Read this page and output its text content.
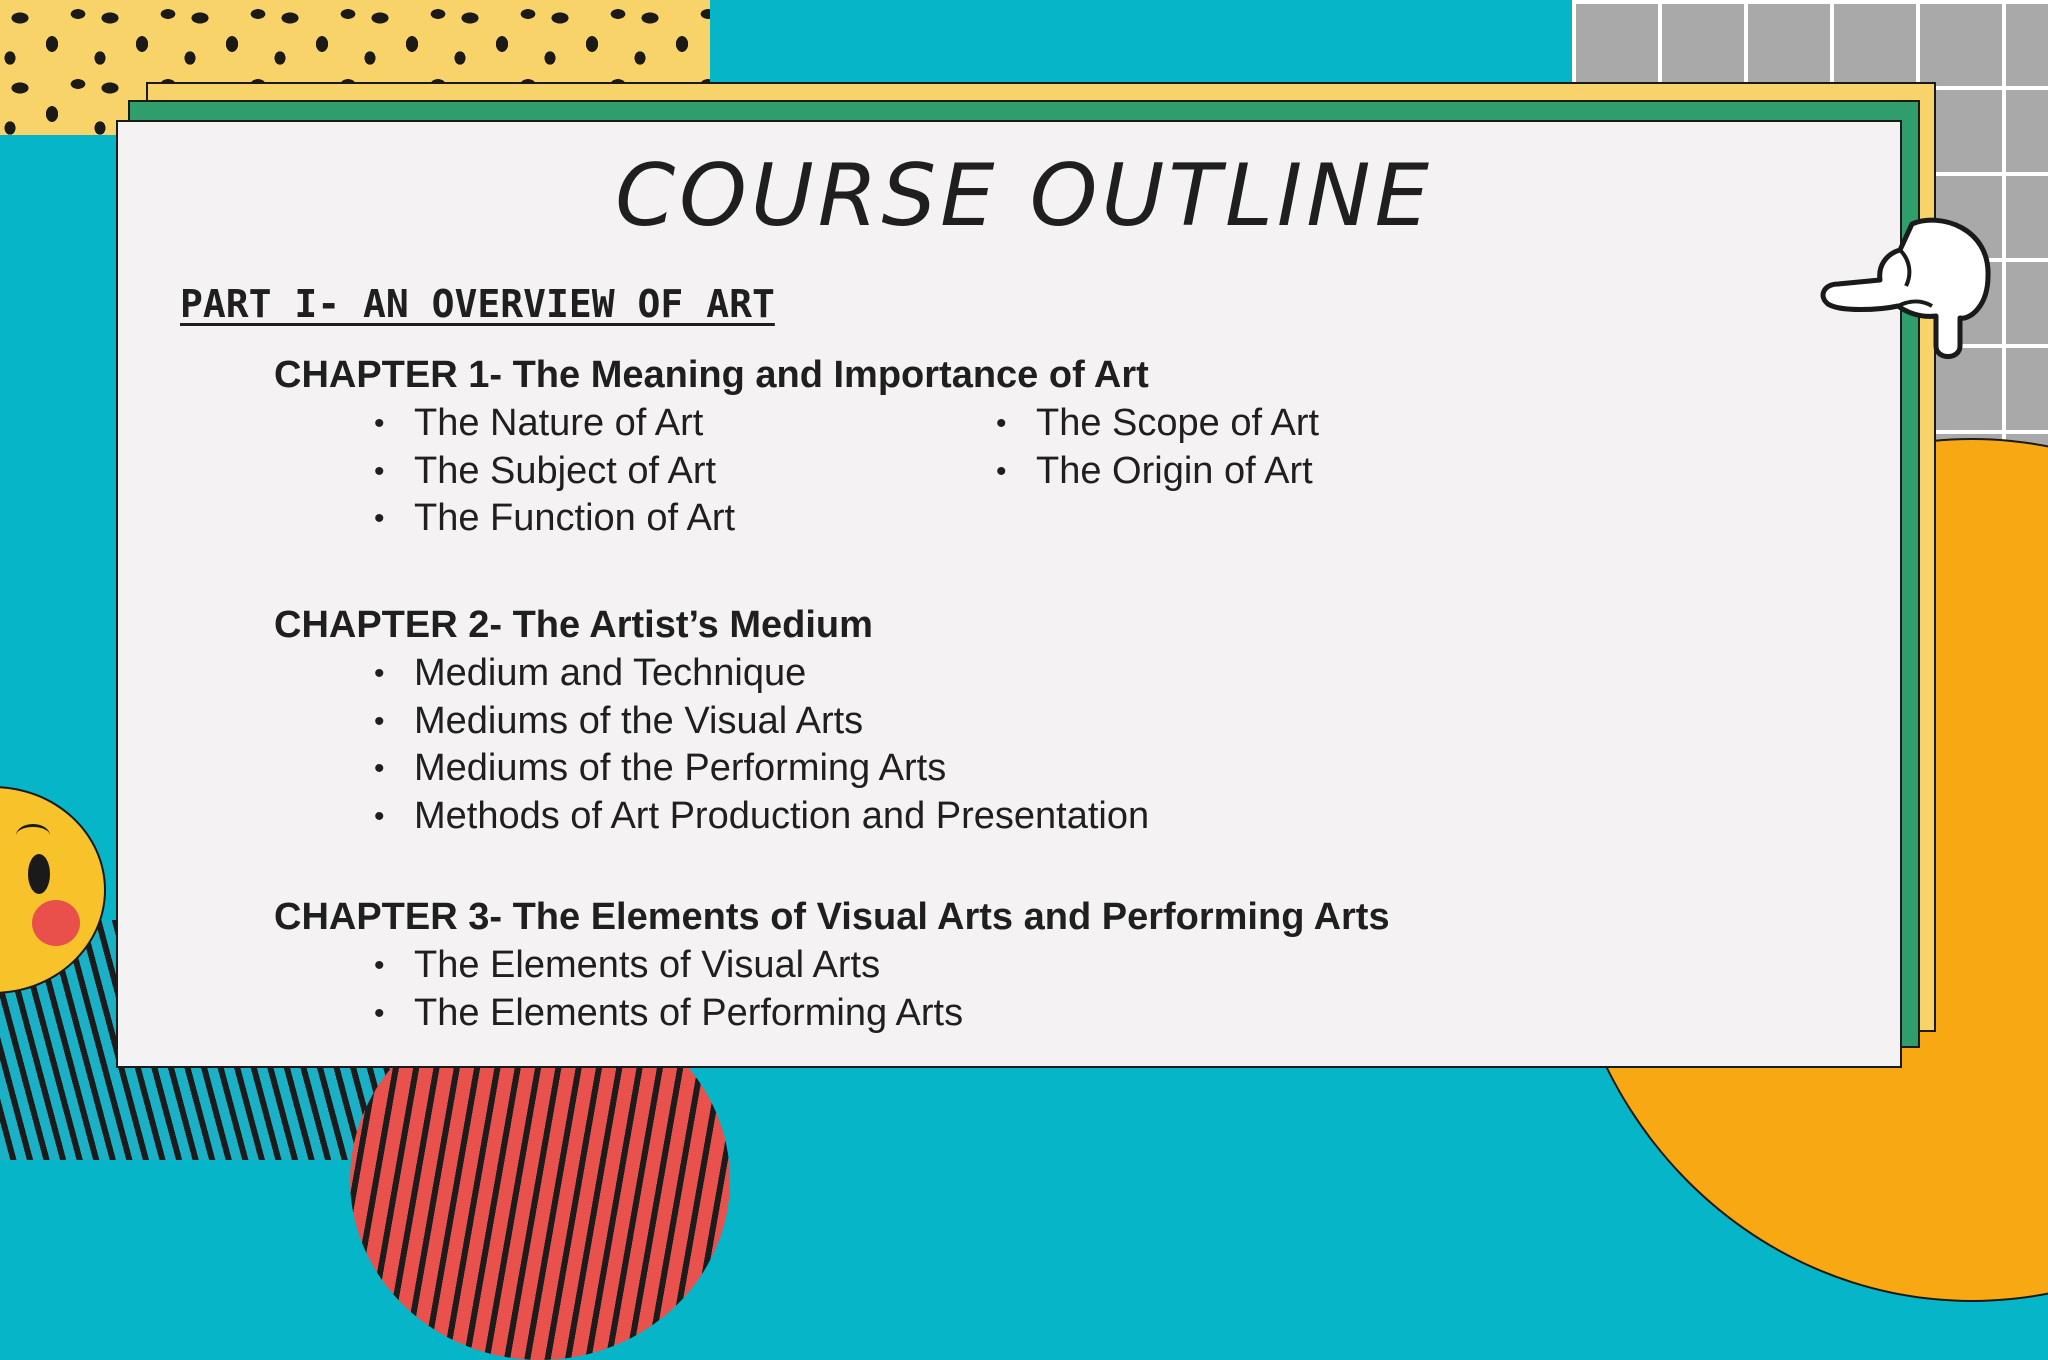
COURSE OUTLINE
PART I- AN OVERVIEW OF ART
CHAPTER 1- The Meaning and Importance of Art
• The Nature of Art
• The Subject of Art
• The Function of Art
• The Scope of Art
• The Origin of Art
CHAPTER 2- The Artist’s Medium
• Medium and Technique
• Mediums of the Visual Arts
• Mediums of the Performing Arts
• Methods of Art Production and Presentation
CHAPTER 3- The Elements of Visual Arts and Performing Arts
• The Elements of Visual Arts
• The Elements of Performing Arts
